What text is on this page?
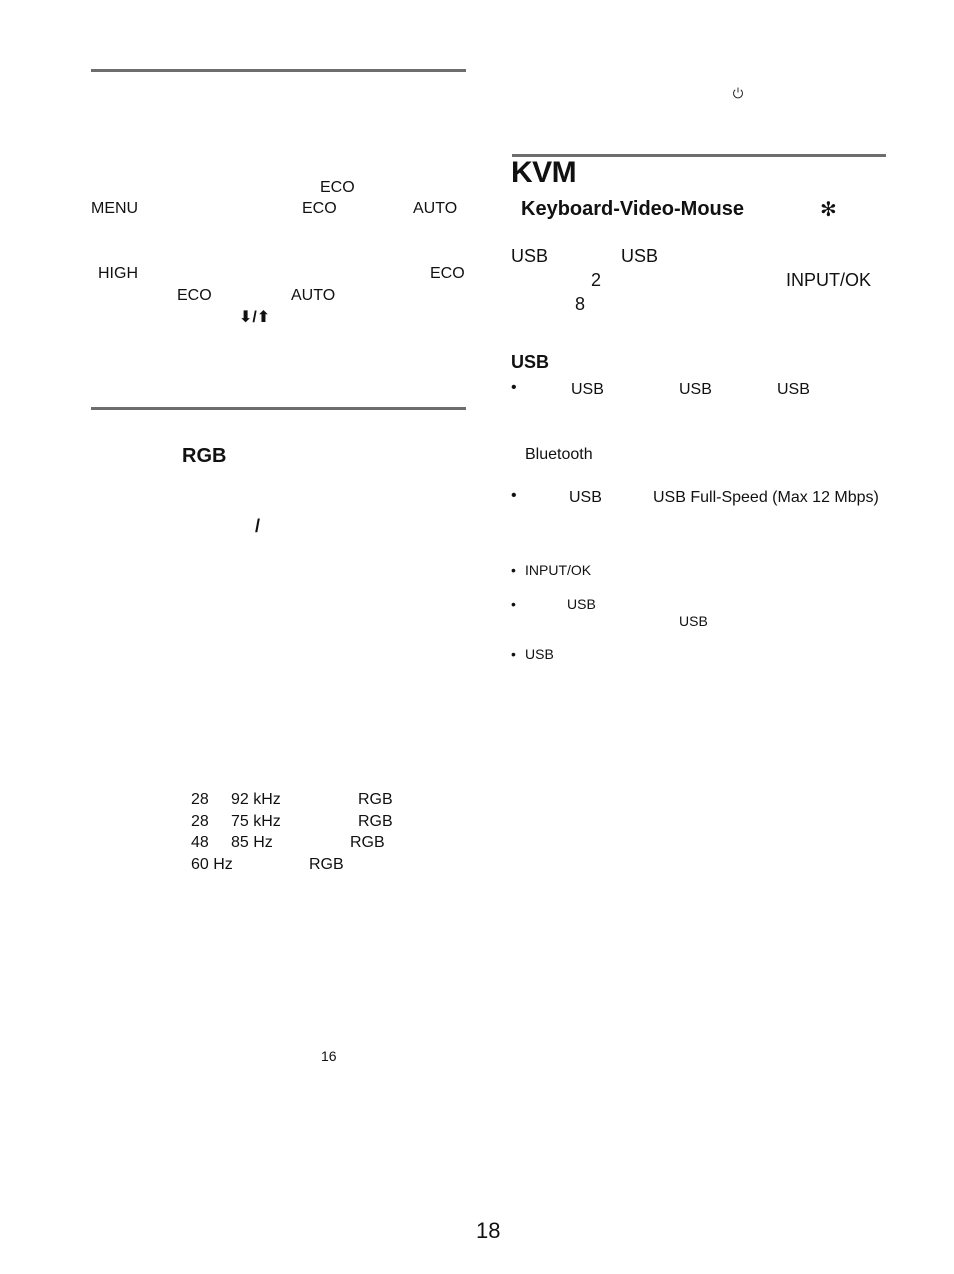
ECO
MENU	ECO	AUTO
HIGH	ECO
ECO	AUTO
⬇/⬆
RGB
/
28 92 kHz	RGB
28 75 kHz	RGB
48 85 Hz	RGB
60 Hz	RGB
16
KVM
Keyboard-Video-Mouse	✻
USB	USB
2	INPUT/OK
8
USB
•	USB	USB	USB
Bluetooth
•	USB	USB Full-Speed (Max 12 Mbps)
• INPUT/OK
•	USB
USB
• USB
18
